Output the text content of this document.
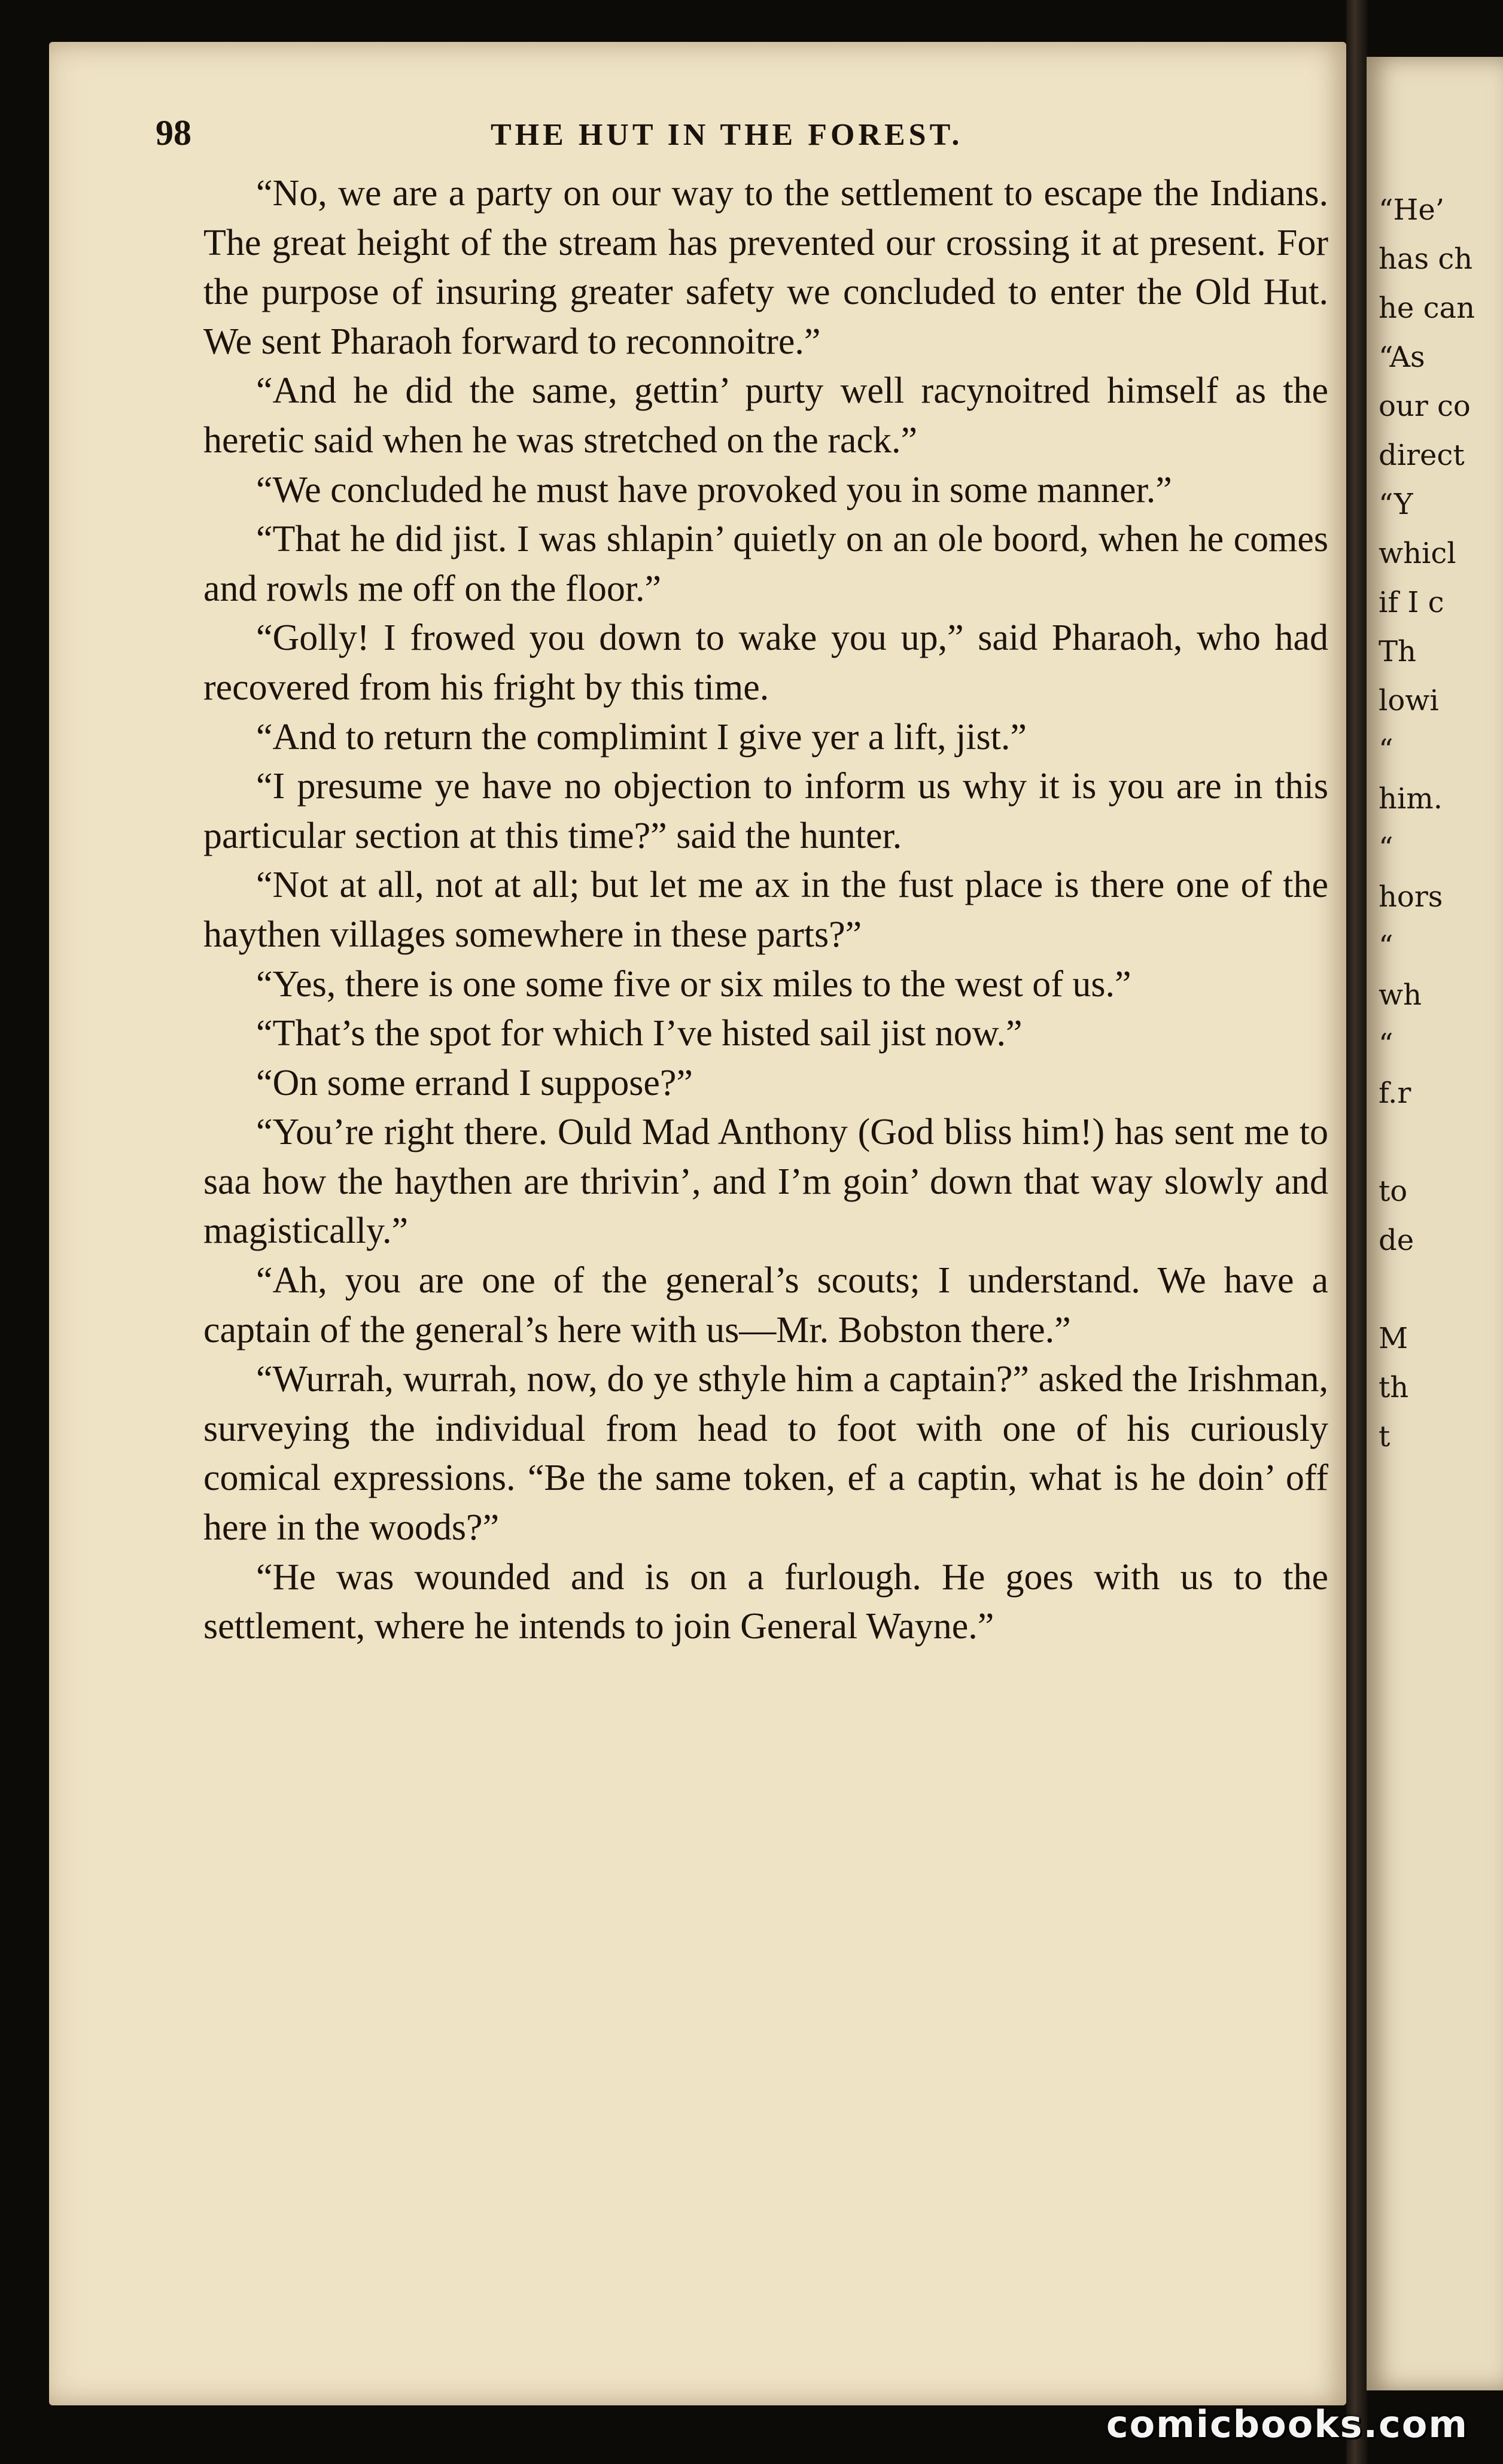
98	THE HUT IN THE FOREST.

“No, we are a party on our way to the settlement to escape the Indians. The great height of the stream has prevented our crossing it at present. For the purpose of insuring greater safety we concluded to enter the Old Hut. We sent Pharaoh forward to reconnoitre.”

“And he did the same, gettin’ purty well racynoitred himself as the heretic said when he was stretched on the rack.”

“We concluded he must have provoked you in some manner.”

“That he did jist. I was shlapin’ quietly on an ole boord, when he comes and rowls me off on the floor.”

“Golly! I frowed you down to wake you up,” said Pharaoh, who had recovered from his fright by this time.

“And to return the complimint I give yer a lift, jist.”

“I presume ye have no objection to inform us why it is you are in this particular section at this time?” said the hunter.

“Not at all, not at all; but let me ax in the fust place is there one of the haythen villages somewhere in these parts?”

“Yes, there is one some five or six miles to the west of us.”

“That’s the spot for which I’ve histed sail jist now.”

“On some errand I suppose?”

“You’re right there. Ould Mad Anthony (God bliss him!) has sent me to saa how the haythen are thrivin’, and I’m goin’ down that way slowly and magistically.”

“Ah, you are one of the general’s scouts; I understand. We have a captain of the general’s here with us—Mr. Bobston there.”

“Wurrah, wurrah, now, do ye sthyle him a captain?” asked the Irishman, surveying the individual from head to foot with one of his curiously comical expressions. “Be the same token, ef a captin, what is he doin’ off here in the woods?”

“He was wounded and is on a furlough. He goes with us to the settlement, where he intends to join General Wayne.”

“He’
has ch
he can
“As
our co
direct
“Y
whicl
if I c
Th
lowi
“
him.
“
hors
“
wh
“
f.r

to
de

M
th
t
comicbooks.com
